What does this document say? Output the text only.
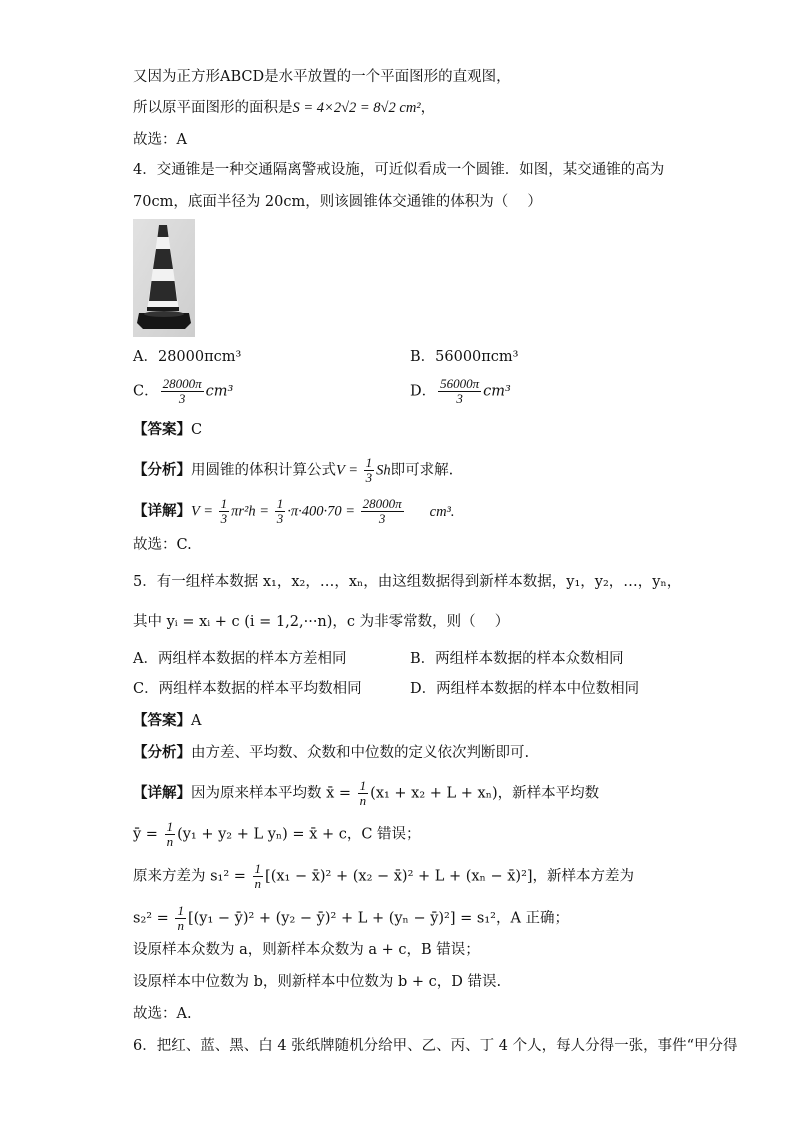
又因为正方形ABCD是水平放置的一个平面图形的直观图，
所以原平面图形的面积是S = 4×2√2 = 8√2 cm²，
故选：A
4．交通锥是一种交通隔离警戒设施，可近似看成一个圆锥．如图，某交通锥的高为
70cm，底面半径为 20cm，则该圆锥体交通锥的体积为（　 ）
A．28000πcm³	B．56000πcm³
C． $\frac{28000\pi}{3} cm^3$	D． $\frac{56000\pi}{3} cm^3$
【答案】C
【分析】用圆锥的体积计算公式$V = \frac{1}{3}$ Sh即可求解.
【详解】$V = \frac{1}{3} \pi r^2h = \frac{1}{3} \cdot\pi\cdot 400\cdot 70 = \frac{28000\pi}{3} cm^3$.
故选：C.
5．有一组样本数据 x₁，x₂，…，xₙ，由这组数据得到新样本数据，y₁，y₂，…，yₙ，
其中 yᵢ = xᵢ + c (i = 1,2,···n)，c 为非零常数，则（　 ）
A．两组样本数据的样本方差相同	B．两组样本数据的样本众数相同
C．两组样本数据的样本平均数相同	D．两组样本数据的样本中位数相同
【答案】A
【分析】由方差、平均数、众数和中位数的定义依次判断即可.
【详解】因为原来样本平均数 x̄ = $\frac{1}{n} (x_1 + x_2 + L + x_n)$，新样本平均数
ȳ = $\frac{1}{n} (y_1 + y_2 + L$ yₙ) = x̄ + c，C 错误；
原来方差为 $s_1^2 = \frac{1}{n} [(x_1$ − x̄)² + (x₂ − x̄)² + L + (xₙ − x̄)²]，新样本方差为
$s_2^2 = \frac{1}{n} [(y_1$ − ȳ)² + (y₂ − ȳ)² + L + (yₙ − ȳ)²] = s₁²，A 正确；
设原样本众数为 a，则新样本众数为 a + c，B 错误；
设原样本中位数为 b，则新样本中位数为 b + c，D 错误.
故选：A.
6．把红、蓝、黑、白 4 张纸牌随机分给甲、乙、丙、丁 4 个人，每人分得一张，事件“甲分得
